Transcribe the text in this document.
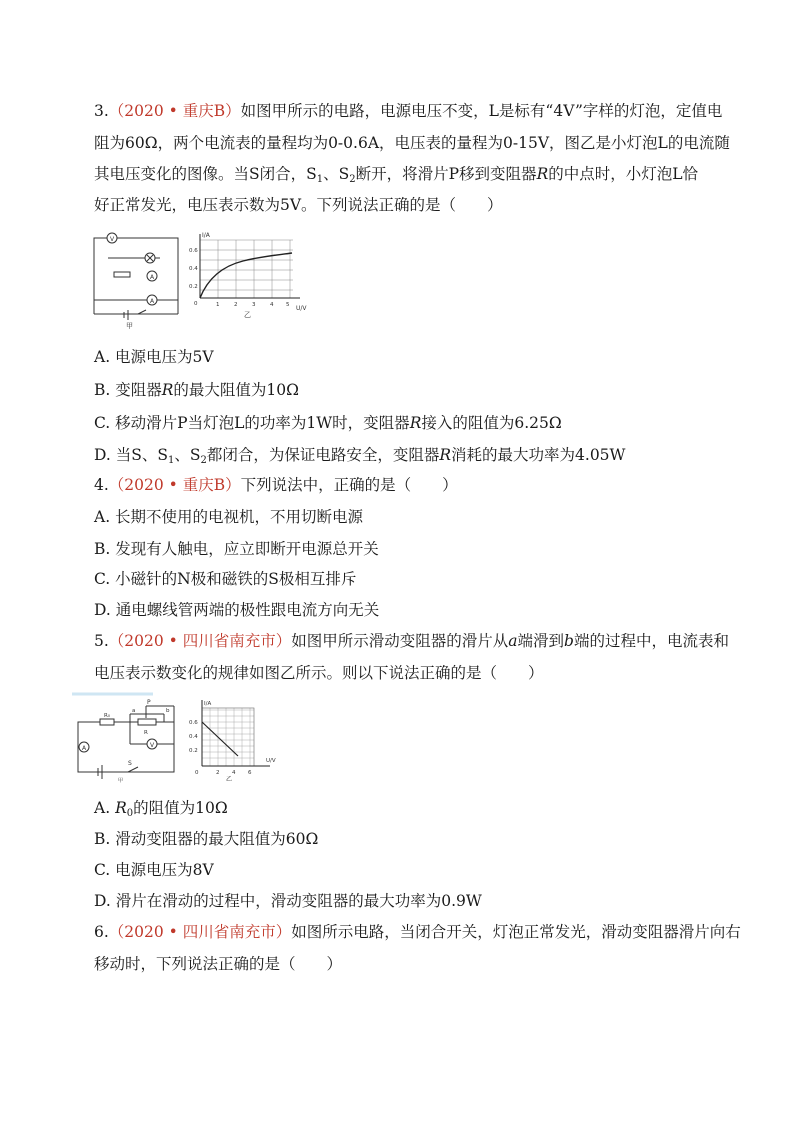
3.（2020 • 重庆B）如图甲所示的电路，电源电压不变，L是标有“4V”字样的灯泡，定值电
阻为60Ω，两个电流表的量程均为0-0.6A，电压表的量程为0-15V，图乙是小灯泡L的电流随
其电压变化的图像。当S闭合，$S_1$、$S_2$断开，将滑片P移到变阻器R的中点时，小灯泡L恰
好正常发光，电压表示数为5V。下列说法正确的是（　　）
V
A
A
甲
I/A
U/V
0.6
0.4
0.2
0	1	2	3	4 5
乙
A. 电源电压为5V
B. 变阻器R的最大阻值为10Ω
C. 移动滑片P当灯泡L的功率为1W时，变阻器R接入的阻值为6.25Ω
D. 当S、$S_1$、$S_2$都闭合，为保证电路安全，变阻器R消耗的最大功率为4.05W
4.（2020 • 重庆B）下列说法中，正确的是（　　）
A. 长期不使用的电视机，不用切断电源
B. 发现有人触电，应立即断开电源总开关
C. 小磁针的N极和磁铁的S极相互排斥
D. 通电螺线管两端的极性跟电流方向无关
5.（2020 • 四川省南充市）如图甲所示滑动变阻器的滑片从a端滑到b端的过程中，电流表和
电压表示数变化的规律如图乙所示。则以下说法正确的是（　　）
A	V
R₀
R
P
a	b
S
甲
I/A
U/V
0.6
0.4
0.2
0	2 4 6
乙
A. $R_0$的阻值为10Ω
B. 滑动变阻器的最大阻值为60Ω
C. 电源电压为8V
D. 滑片在滑动的过程中，滑动变阻器的最大功率为0.9W
6.（2020 • 四川省南充市）如图所示电路，当闭合开关，灯泡正常发光，滑动变阻器滑片向右
移动时，下列说法正确的是（　　）
